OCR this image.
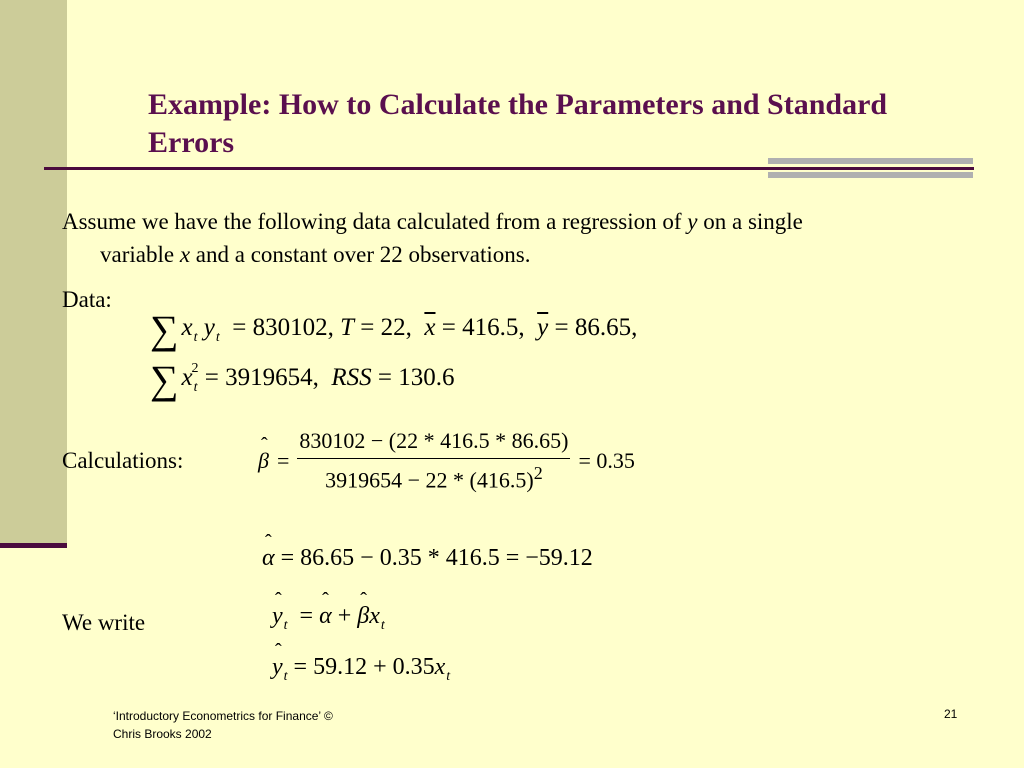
Example: How to Calculate the Parameters and Standard Errors
Assume we have the following data calculated from a regression of y on a single
variable x and a constant over 22 observations.
Data:
∑ $x_t$ $y_t = 830102$, T = 22,  $\overline{x} = 416.5$,  $\overline{y} = 86.65$,
∑ $x_t^2 = 3919654$,  RSS = 130.6
Calculations:	ˆ $\beta = \frac{830102 - (22 * 416.5 * 86.65)}{3919654 - 22 * (416.5)^2} = 0.35$
ˆ α = 86.65 − 0.35 * 416.5 = −59.12
We write	ˆ $y_t$  = ˆ α + ˆ $\beta x_t$
ˆ $y_t = 59.12 + 0.35x_t$
‘Introductory Econometrics for Finance’ © Chris Brooks 2002
21
